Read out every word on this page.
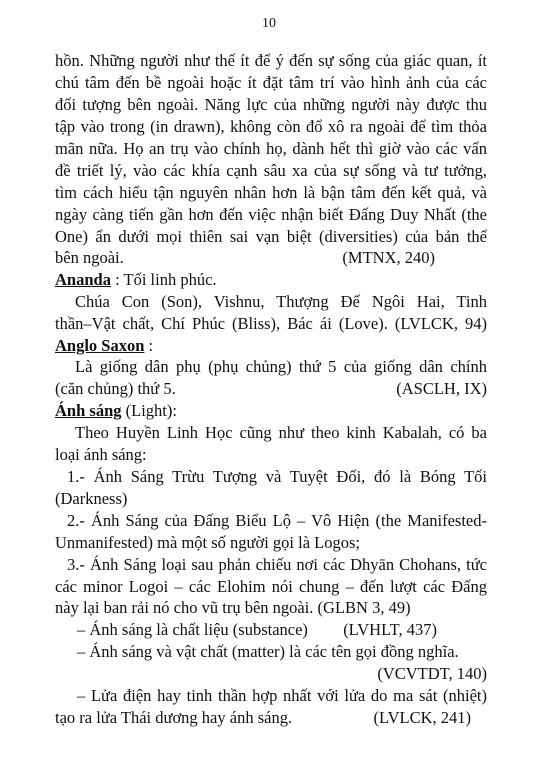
10
hồn. Những người như thế ít để ý đến sự sống của giác quan, ít
chú tâm đến bề ngoài hoặc ít đặt tâm trí vào hình ảnh của các
đối tượng bên ngoài. Năng lực của những người này được thu
tập vào trong (in drawn), không còn đổ xô ra ngoài để tìm thỏa
mãn nữa. Họ an trụ vào chính họ, dành hết thì giờ vào các vấn
đề triết lý, vào các khía cạnh sâu xa của sự sống và tư tưởng,
tìm cách hiểu tận nguyên nhân hơn là bận tâm đến kết quả, và
ngày càng tiến gần hơn đến việc nhận biết Đấng Duy Nhất (the
One) ẩn dưới mọi thiên sai vạn biệt (diversities) của bản thể
bên ngoài.	(MTNX, 240)
Ananda : Tối linh phúc.
Chúa Con (Son), Vishnu, Thượng Đế Ngôi Hai, Tinh
thần–Vật chất, Chí Phúc (Bliss), Bác ái (Love). (LVLCK, 94)
Anglo Saxon :
Là giống dân phụ (phụ chủng) thứ 5 của giống dân chính
(căn chủng) thứ 5.	(ASCLH, IX)
Ánh sáng (Light):
Theo Huyền Linh Học cũng như theo kinh Kabalah, có ba
loại ánh sáng:
1.- Ánh Sáng Trừu Tượng và Tuyệt Đối, đó là Bóng Tối
(Darkness)
2.- Ánh Sáng của Đấng Biểu Lộ – Vô Hiện (the Manifested-
Unmanifested) mà một số người gọi là Logos;
3.- Ánh Sáng loại sau phản chiếu nơi các Dhyān Chohans, tức
các minor Logoi – các Elohim nói chung – đến lượt các Đấng
này lại ban rải nó cho vũ trụ bên ngoài. (GLBN 3, 49)
– Ánh sáng là chất liệu (substance) (LVHLT, 437)
– Ánh sáng và vật chất (matter) là các tên gọi đồng nghĩa.
(VCVTDT, 140)
– Lửa điện hay tinh thần hợp nhất với lửa do ma sát (nhiệt)
tạo ra lửa Thái dương hay ánh sáng.	(LVLCK, 241)
